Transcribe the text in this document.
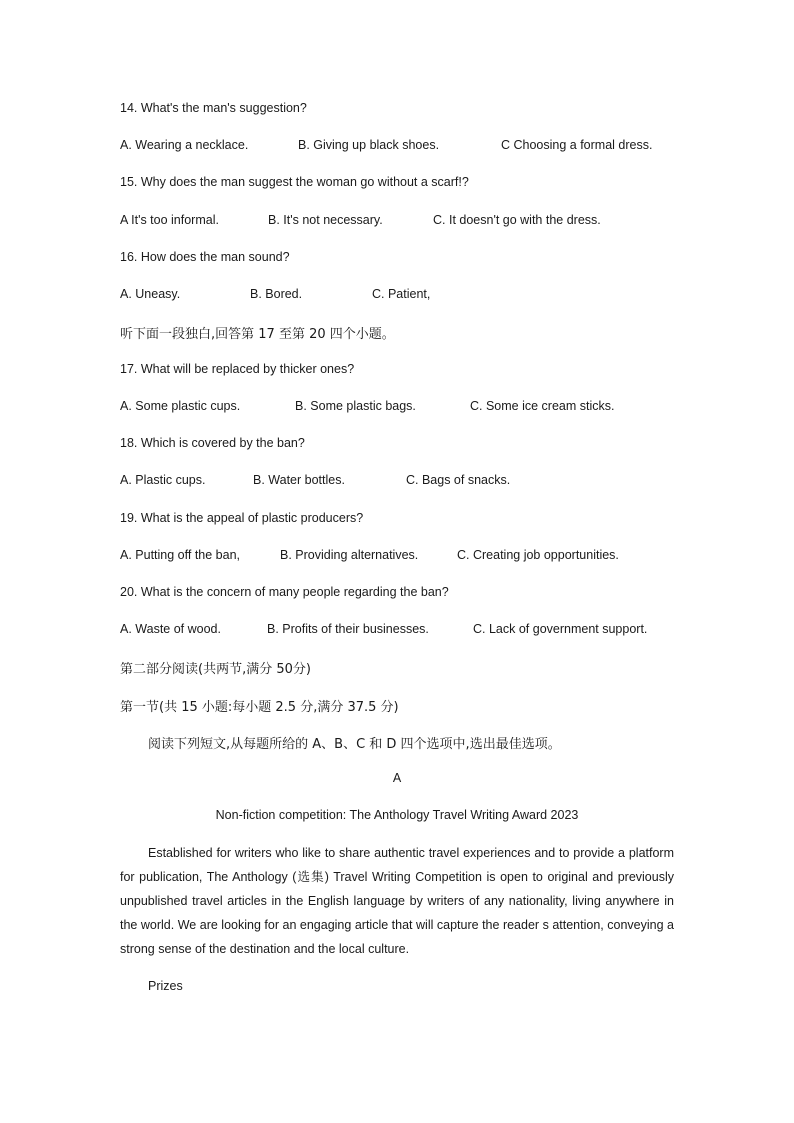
14. What's the man's suggestion?
A. Wearing a necklace.	B. Giving up black shoes.	C Choosing a formal dress.
15. Why does the man suggest the woman go without a scarf!?
A It's too informal.	B. It's not necessary.	C. It doesn't go with the dress.
16. How does the man sound?
A. Uneasy.	B. Bored.	C. Patient,
听下面一段独白,回答第 17 至第 20 四个小题。
17. What will be replaced by thicker ones?
A. Some plastic cups.	B. Some plastic bags.	C. Some ice cream sticks.
18. Which is covered by the ban?
A. Plastic cups.	B. Water bottles.	C. Bags of snacks.
19. What is the appeal of plastic producers?
A. Putting off the ban,	B. Providing alternatives.	C. Creating job opportunities.
20. What is the concern of many people regarding the ban?
A. Waste of wood.	B. Profits of their businesses.	C. Lack of government support.
第二部分阅读(共两节,满分 50分)
第一节(共 15 小题:每小题 2.5 分,满分 37.5 分)
阅读下列短文,从每题所给的 A、B、C 和 D 四个选项中,选出最佳选项。
A
Non-fiction competition: The Anthology Travel Writing Award 2023
Established for writers who like to share authentic travel experiences and to provide a platform for publication, The Anthology (选集) Travel Writing Competition is open to original and previously unpublished travel articles in the English language by writers of any nationality, living anywhere in the world. We are looking for an engaging article that will capture the reader s attention, conveying a strong sense of the destination and the local culture.
Prizes
